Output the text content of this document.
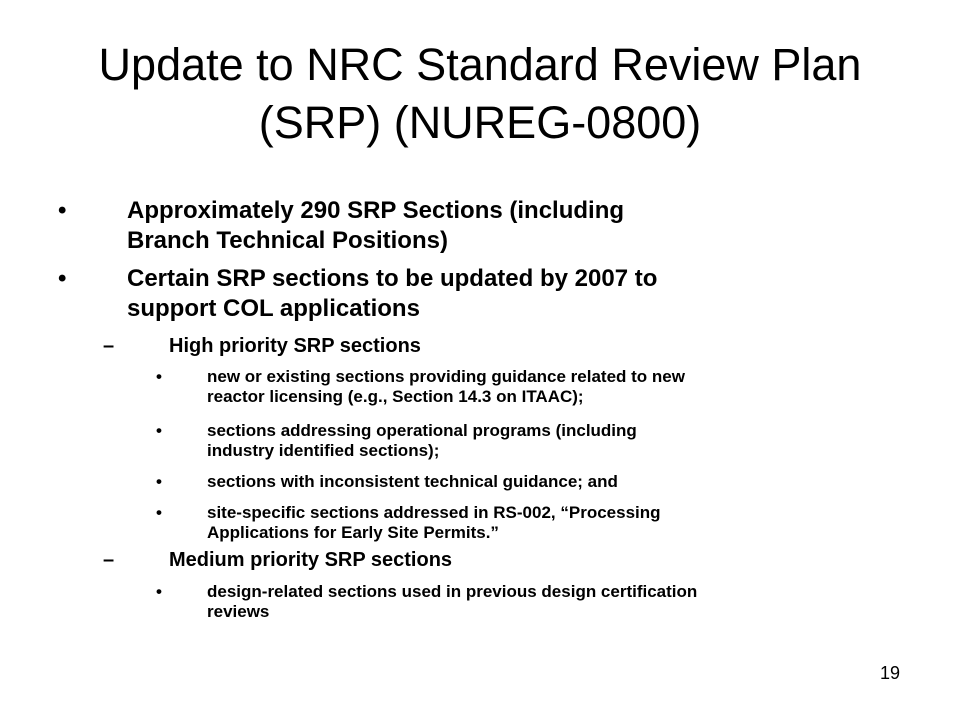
Update to NRC Standard Review Plan (SRP) (NUREG-0800)
•	Approximately 290 SRP Sections (including

Branch Technical Positions)

•	Certain SRP sections to be updated by 2007 to

support COL applications

–	High priority SRP sections

•	new or existing sections providing guidance related to new

reactor licensing (e.g., Section 14.3 on ITAAC);

•	sections addressing operational programs (including

industry identified sections);

•	sections with inconsistent technical guidance; and

•	site-specific sections addressed in RS-002, “Processing

Applications for Early Site Permits.”

–	Medium priority SRP sections

•	design-related sections used in previous design certification

reviews

19
